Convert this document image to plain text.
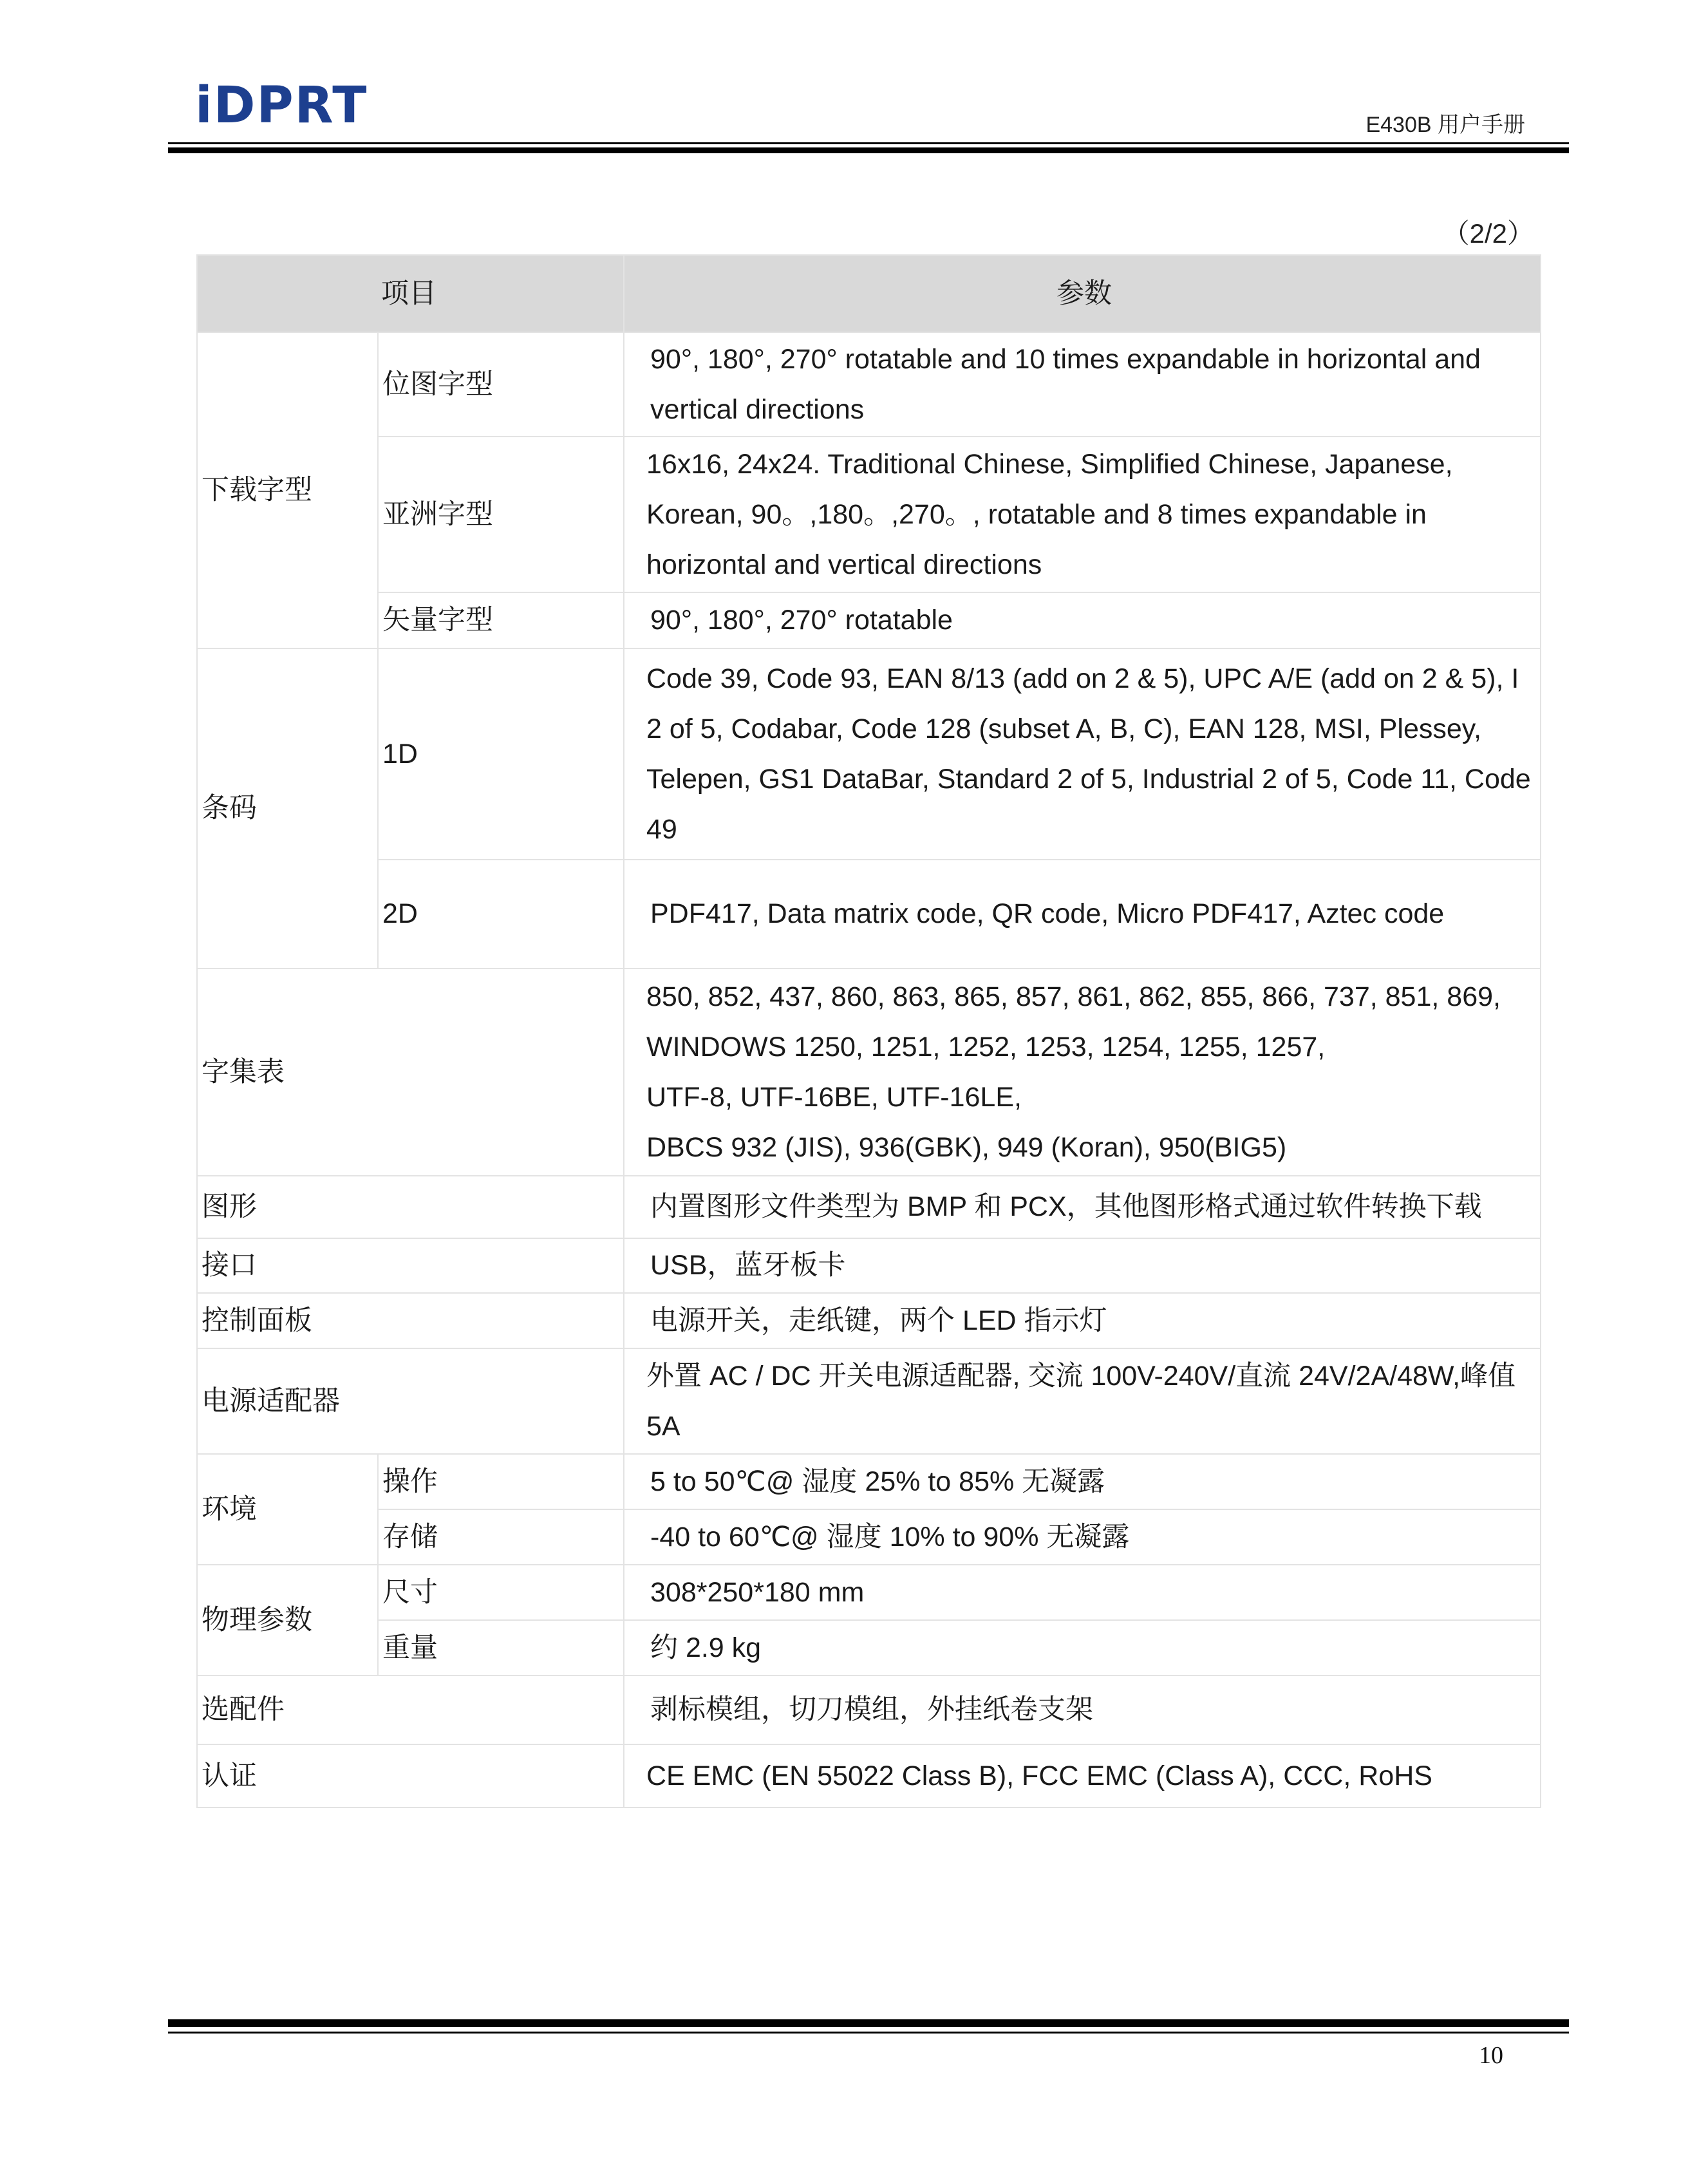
iDPRT	E430B 用户手册
（2/2）
项目		参数
下载字型	位图字型	90°, 180°, 270° rotatable and 10 times expandable in horizontal and vertical directions
	亚洲字型	16x16, 24x24. Traditional Chinese, Simplified Chinese, Japanese, Korean, 90。,180。,270。, rotatable and 8 times expandable in horizontal and vertical directions
	矢量字型	90°, 180°, 270° rotatable
条码	1D	Code 39, Code 93, EAN 8/13 (add on 2 & 5), UPC A/E (add on 2 & 5), I 2 of 5, Codabar, Code 128 (subset A, B, C), EAN 128, MSI, Plessey, Telepen, GS1 DataBar, Standard 2 of 5, Industrial 2 of 5, Code 11, Code 49
	2D	PDF417, Data matrix code, QR code, Micro PDF417, Aztec code
字集表		850, 852, 437, 860, 863, 865, 857, 861, 862, 855, 866, 737, 851, 869,
WINDOWS 1250, 1251, 1252, 1253, 1254, 1255, 1257,
UTF-8, UTF-16BE, UTF-16LE,
DBCS 932 (JIS), 936(GBK), 949 (Koran), 950(BIG5)

图形		内置图形文件类型为 BMP 和 PCX，其他图形格式通过软件转换下载
接口		USB，蓝牙板卡
控制面板		电源开关，走纸键，两个 LED 指示灯
电源适配器		外置 AC / DC 开关电源适配器, 交流 100V-240V/直流 24V/2A/48W,峰值 5A
环境	操作	5 to 50℃@ 湿度 25% to 85% 无凝露
	存储	-40 to 60℃@ 湿度 10% to 90% 无凝露
物理参数	尺寸	308*250*180 mm
	重量	约 2.9 kg
选配件		剥标模组，切刀模组，外挂纸卷支架
认证		CE EMC (EN 55022 Class B), FCC EMC (Class A), CCC, RoHS
10
